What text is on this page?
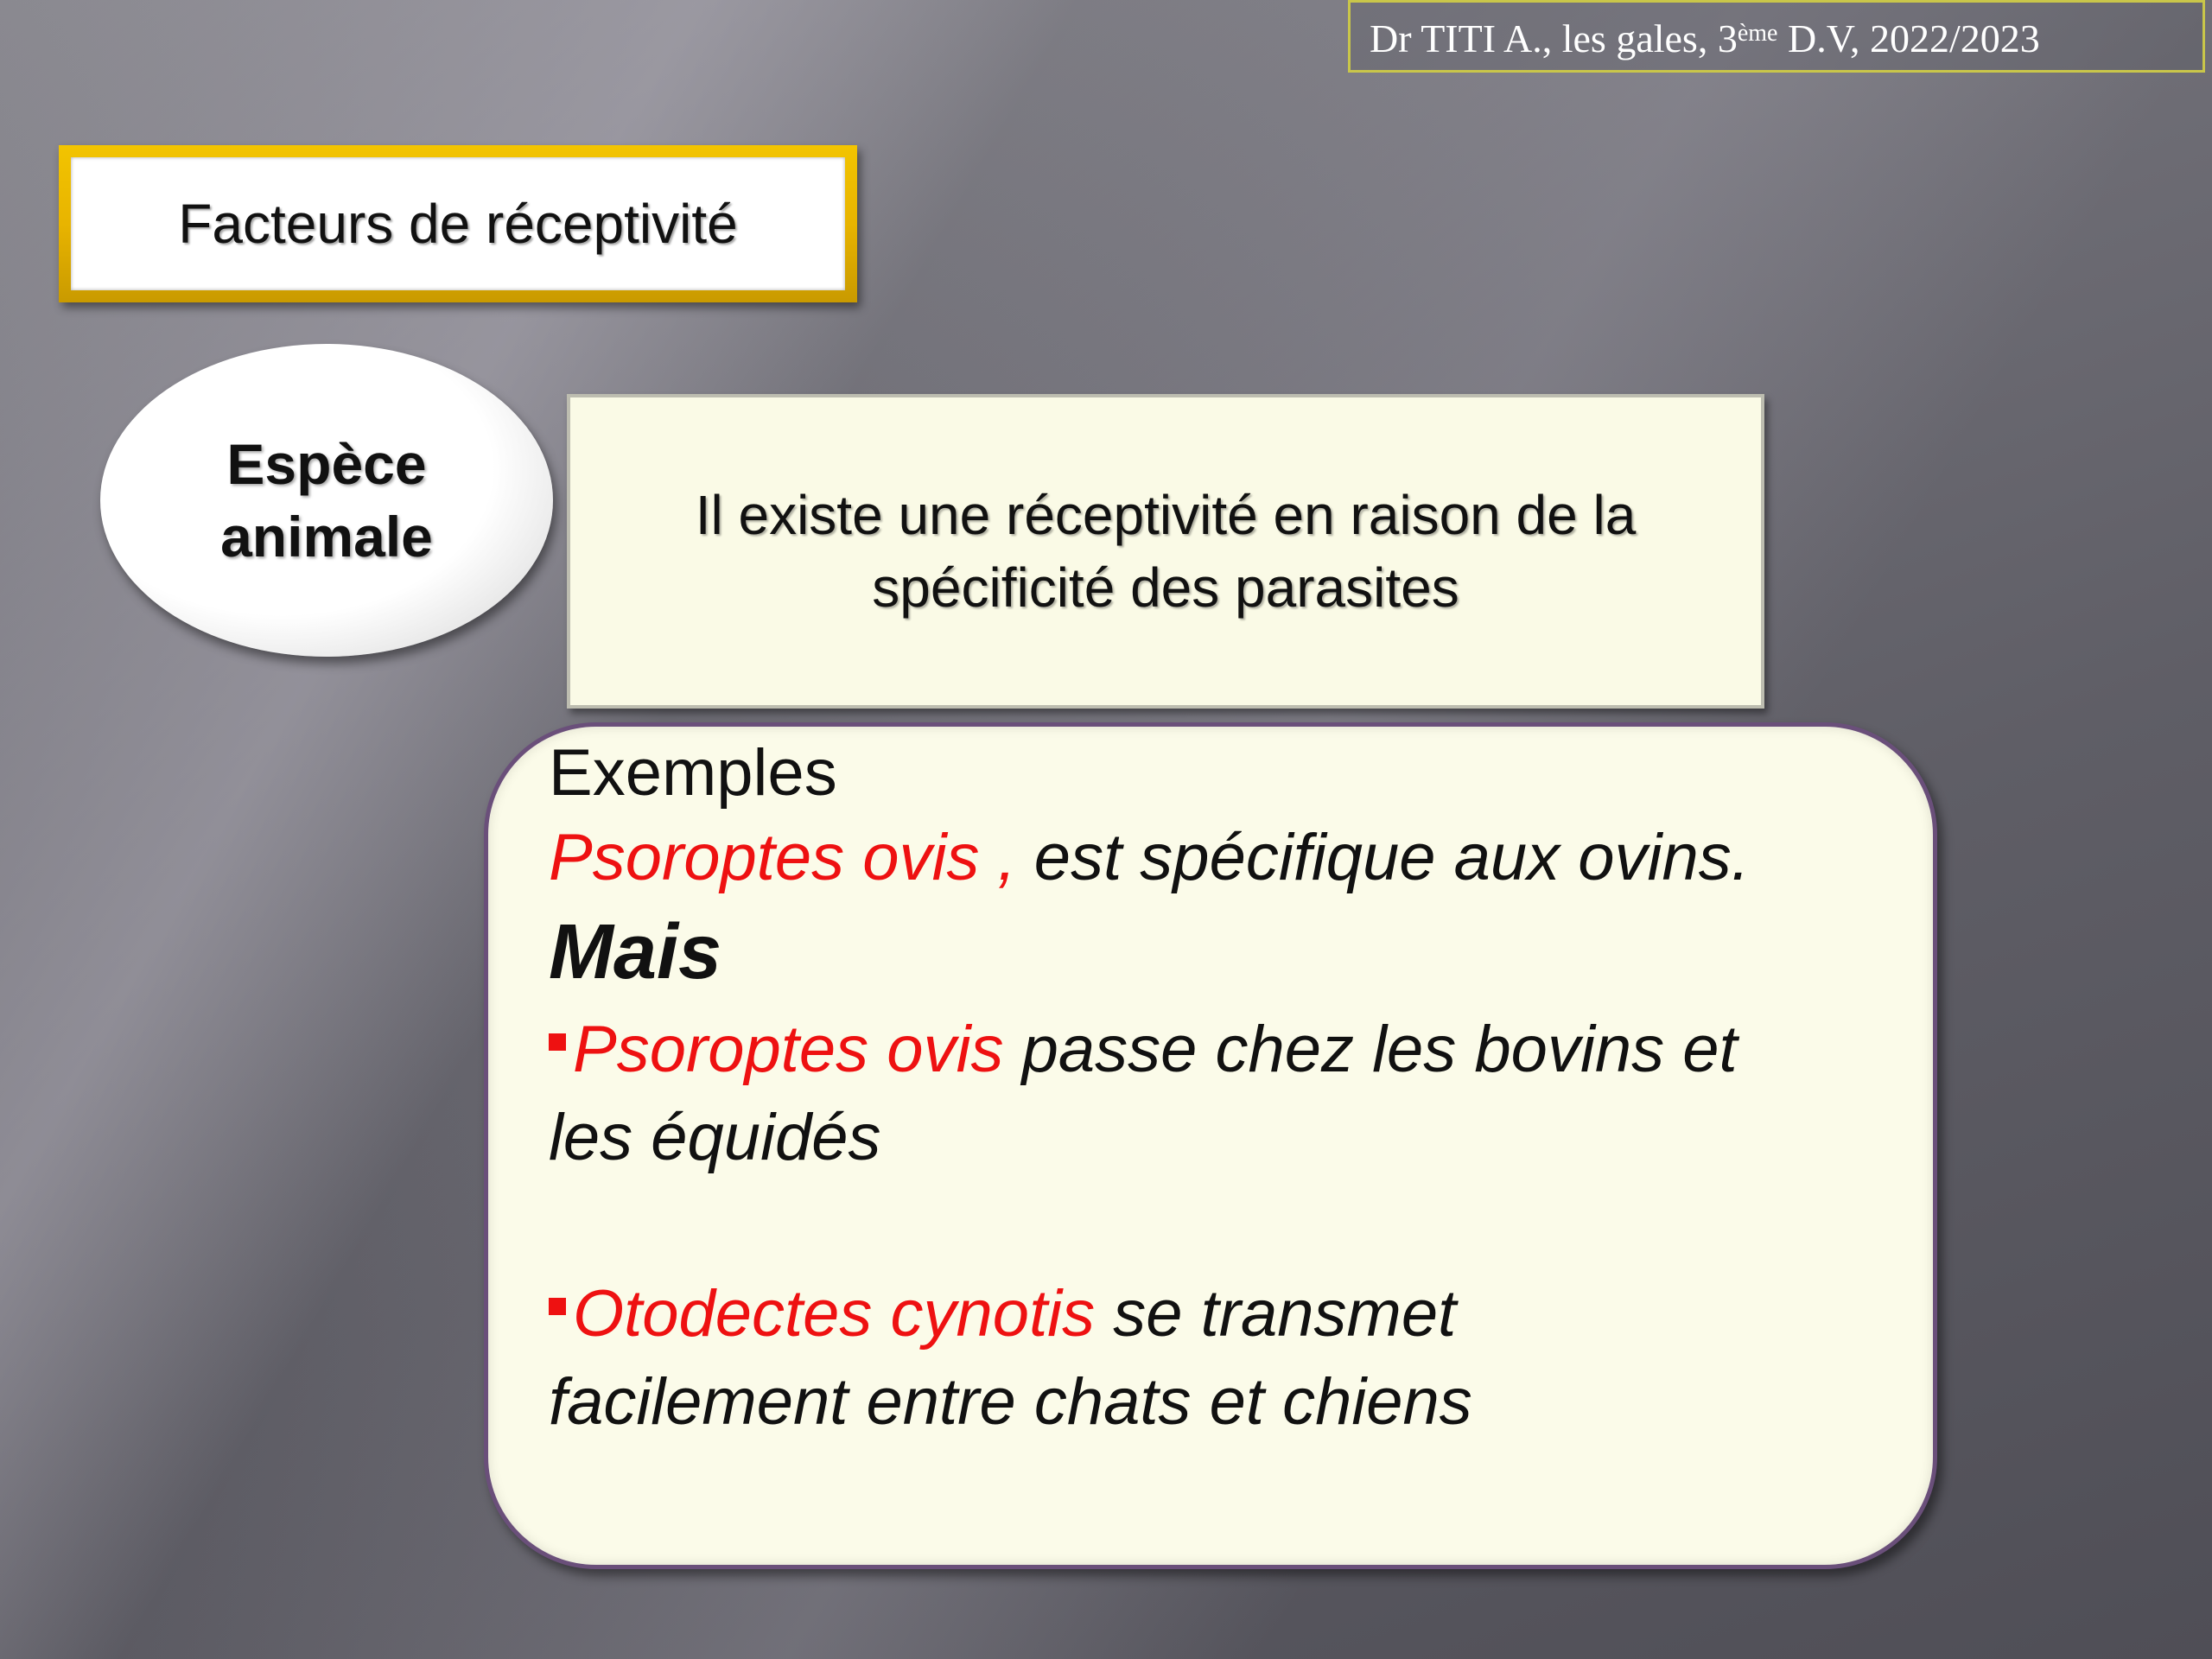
Dr TITI A., les gales, 3ème D.V, 2022/2023
Facteurs de réceptivité
Espèce
animale	Il existe une réceptivité en raison de la spécificité des parasites
Exemples
Psoroptes ovis , est spécifique aux ovins.
Mais
Psoroptes ovis passe chez les bovins et
les équidés
Otodectes cynotis se transmet
facilement entre chats et chiens
